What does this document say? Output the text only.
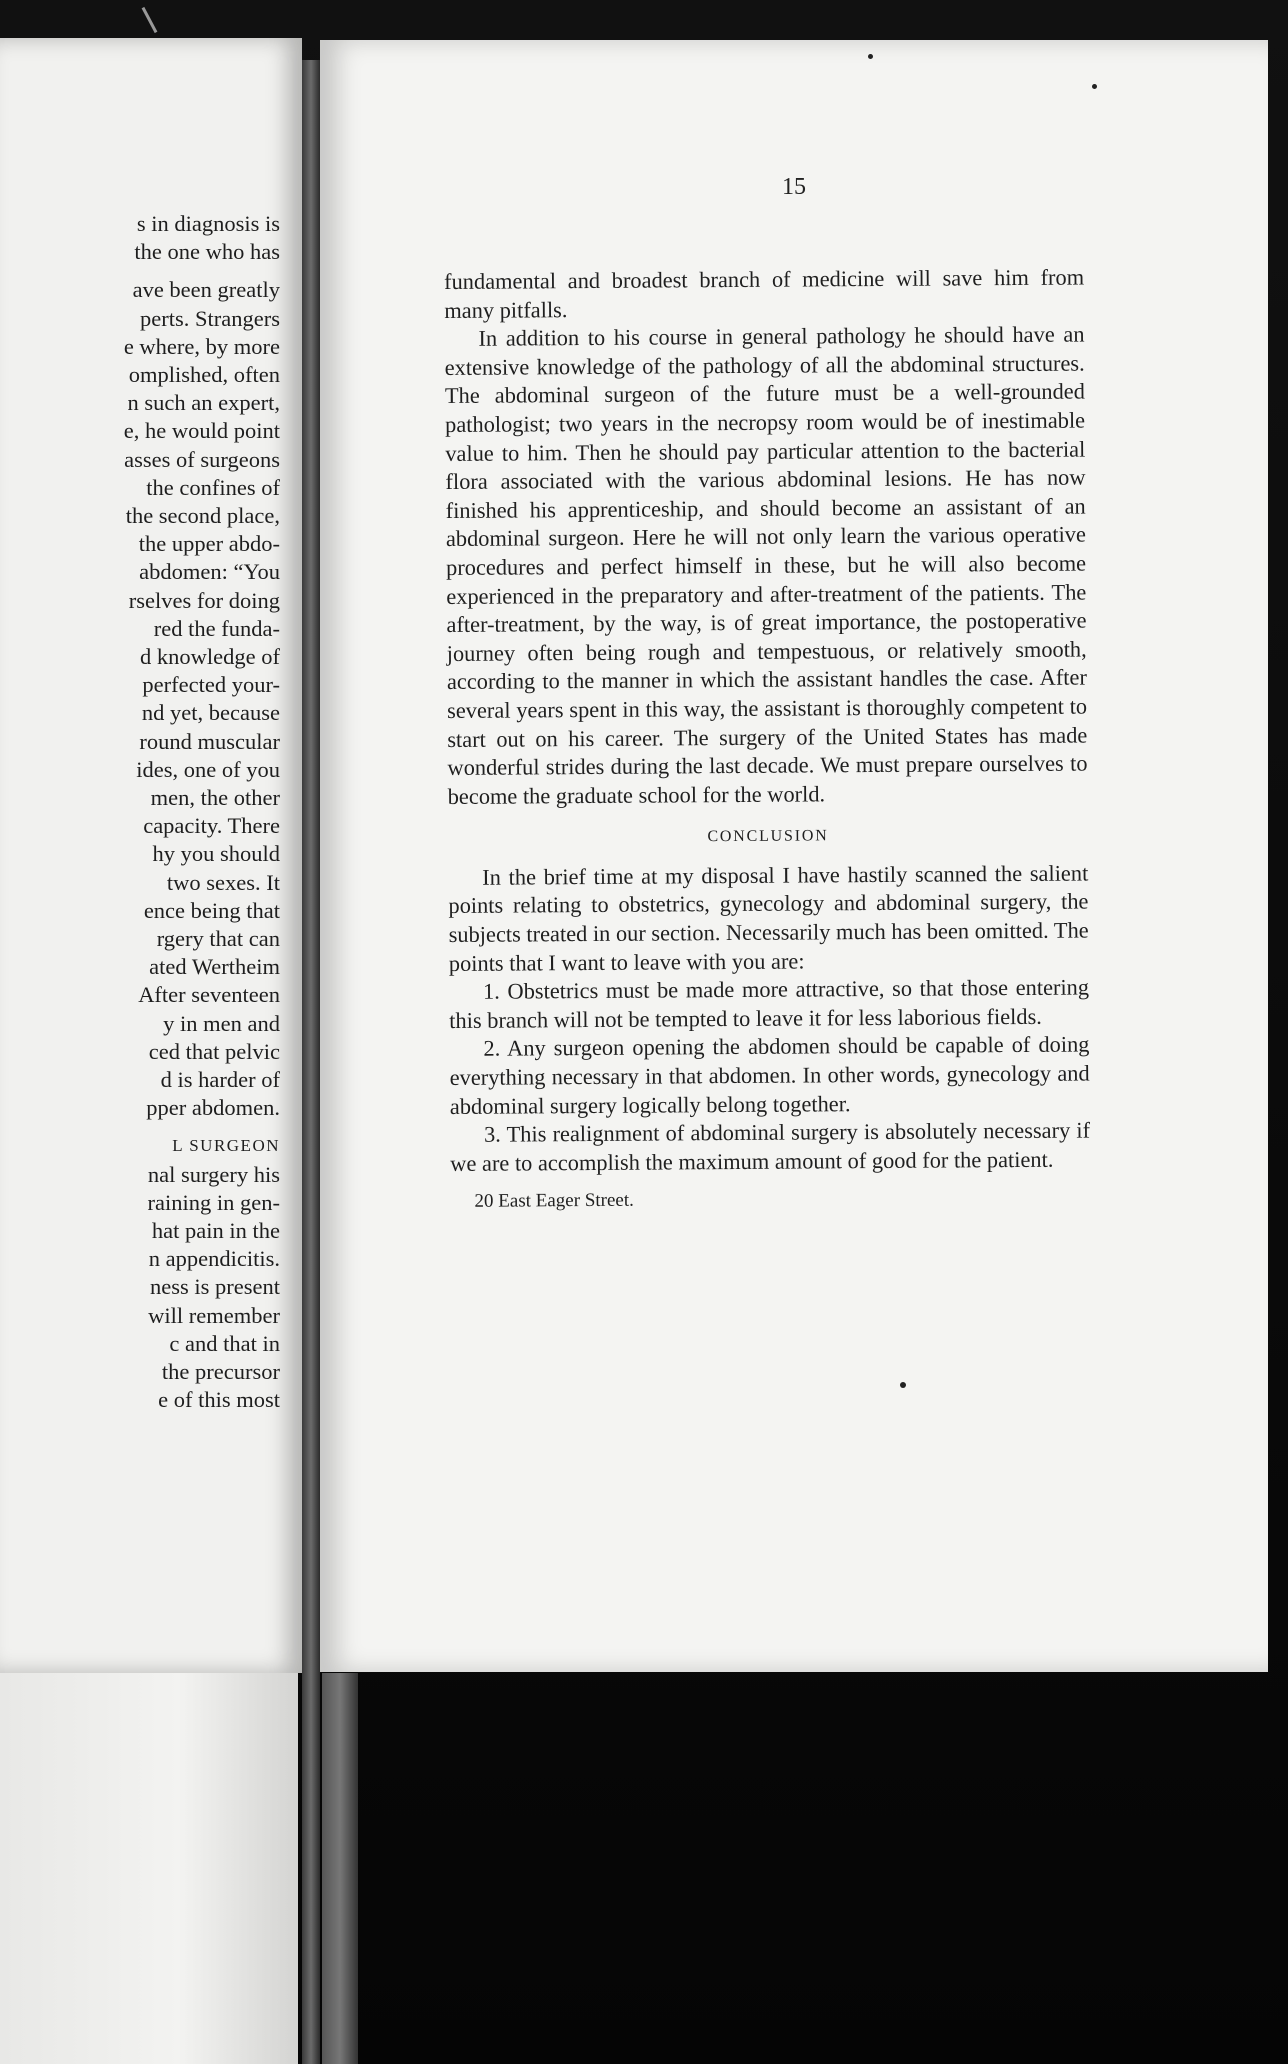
s in diagnosis is
the one who has
ave been greatly
perts. Strangers
e where, by more
omplished, often
n such an expert,
e, he would point
asses of surgeons
the confines of
the second place,
the upper abdo-
abdomen: “You
rselves for doing
red the funda-
d knowledge of
perfected your-
nd yet, because
round muscular
ides, one of you
men, the other
capacity. There
hy you should
two sexes. It
ence being that
rgery that can
ated Wertheim
After seventeen
y in men and
ced that pelvic
d is harder of
pper abdomen.
L SURGEON
nal surgery his
raining in gen-
hat pain in the
n appendicitis.
ness is present
will remember
c and that in
the precursor
e of this most
15

fundamental and broadest branch of medicine will save him from many pitfalls.

In addition to his course in general pathology he should have an extensive knowledge of the pathology of all the abdominal structures. The abdominal surgeon of the future must be a well-grounded pathologist; two years in the necropsy room would be of inestimable value to him. Then he should pay particular attention to the bacterial flora associated with the various abdominal lesions. He has now finished his apprenticeship, and should become an assistant of an abdominal surgeon. Here he will not only learn the various operative procedures and perfect himself in these, but he will also become experienced in the preparatory and after-treatment of the patients. The after-treatment, by the way, is of great importance, the postoperative journey often being rough and tempestuous, or relatively smooth, according to the manner in which the assistant handles the case. After several years spent in this way, the assistant is thoroughly competent to start out on his career. The surgery of the United States has made wonderful strides during the last decade. We must prepare ourselves to become the graduate school for the world.

CONCLUSION

In the brief time at my disposal I have hastily scanned the salient points relating to obstetrics, gynecology and abdominal surgery, the subjects treated in our section. Necessarily much has been omitted. The points that I want to leave with you are:

1. Obstetrics must be made more attractive, so that those entering this branch will not be tempted to leave it for less laborious fields.

2. Any surgeon opening the abdomen should be capable of doing everything necessary in that abdomen. In other words, gynecology and abdominal surgery logically belong together.

3. This realignment of abdominal surgery is absolutely necessary if we are to accomplish the maximum amount of good for the patient.

20 East Eager Street.
